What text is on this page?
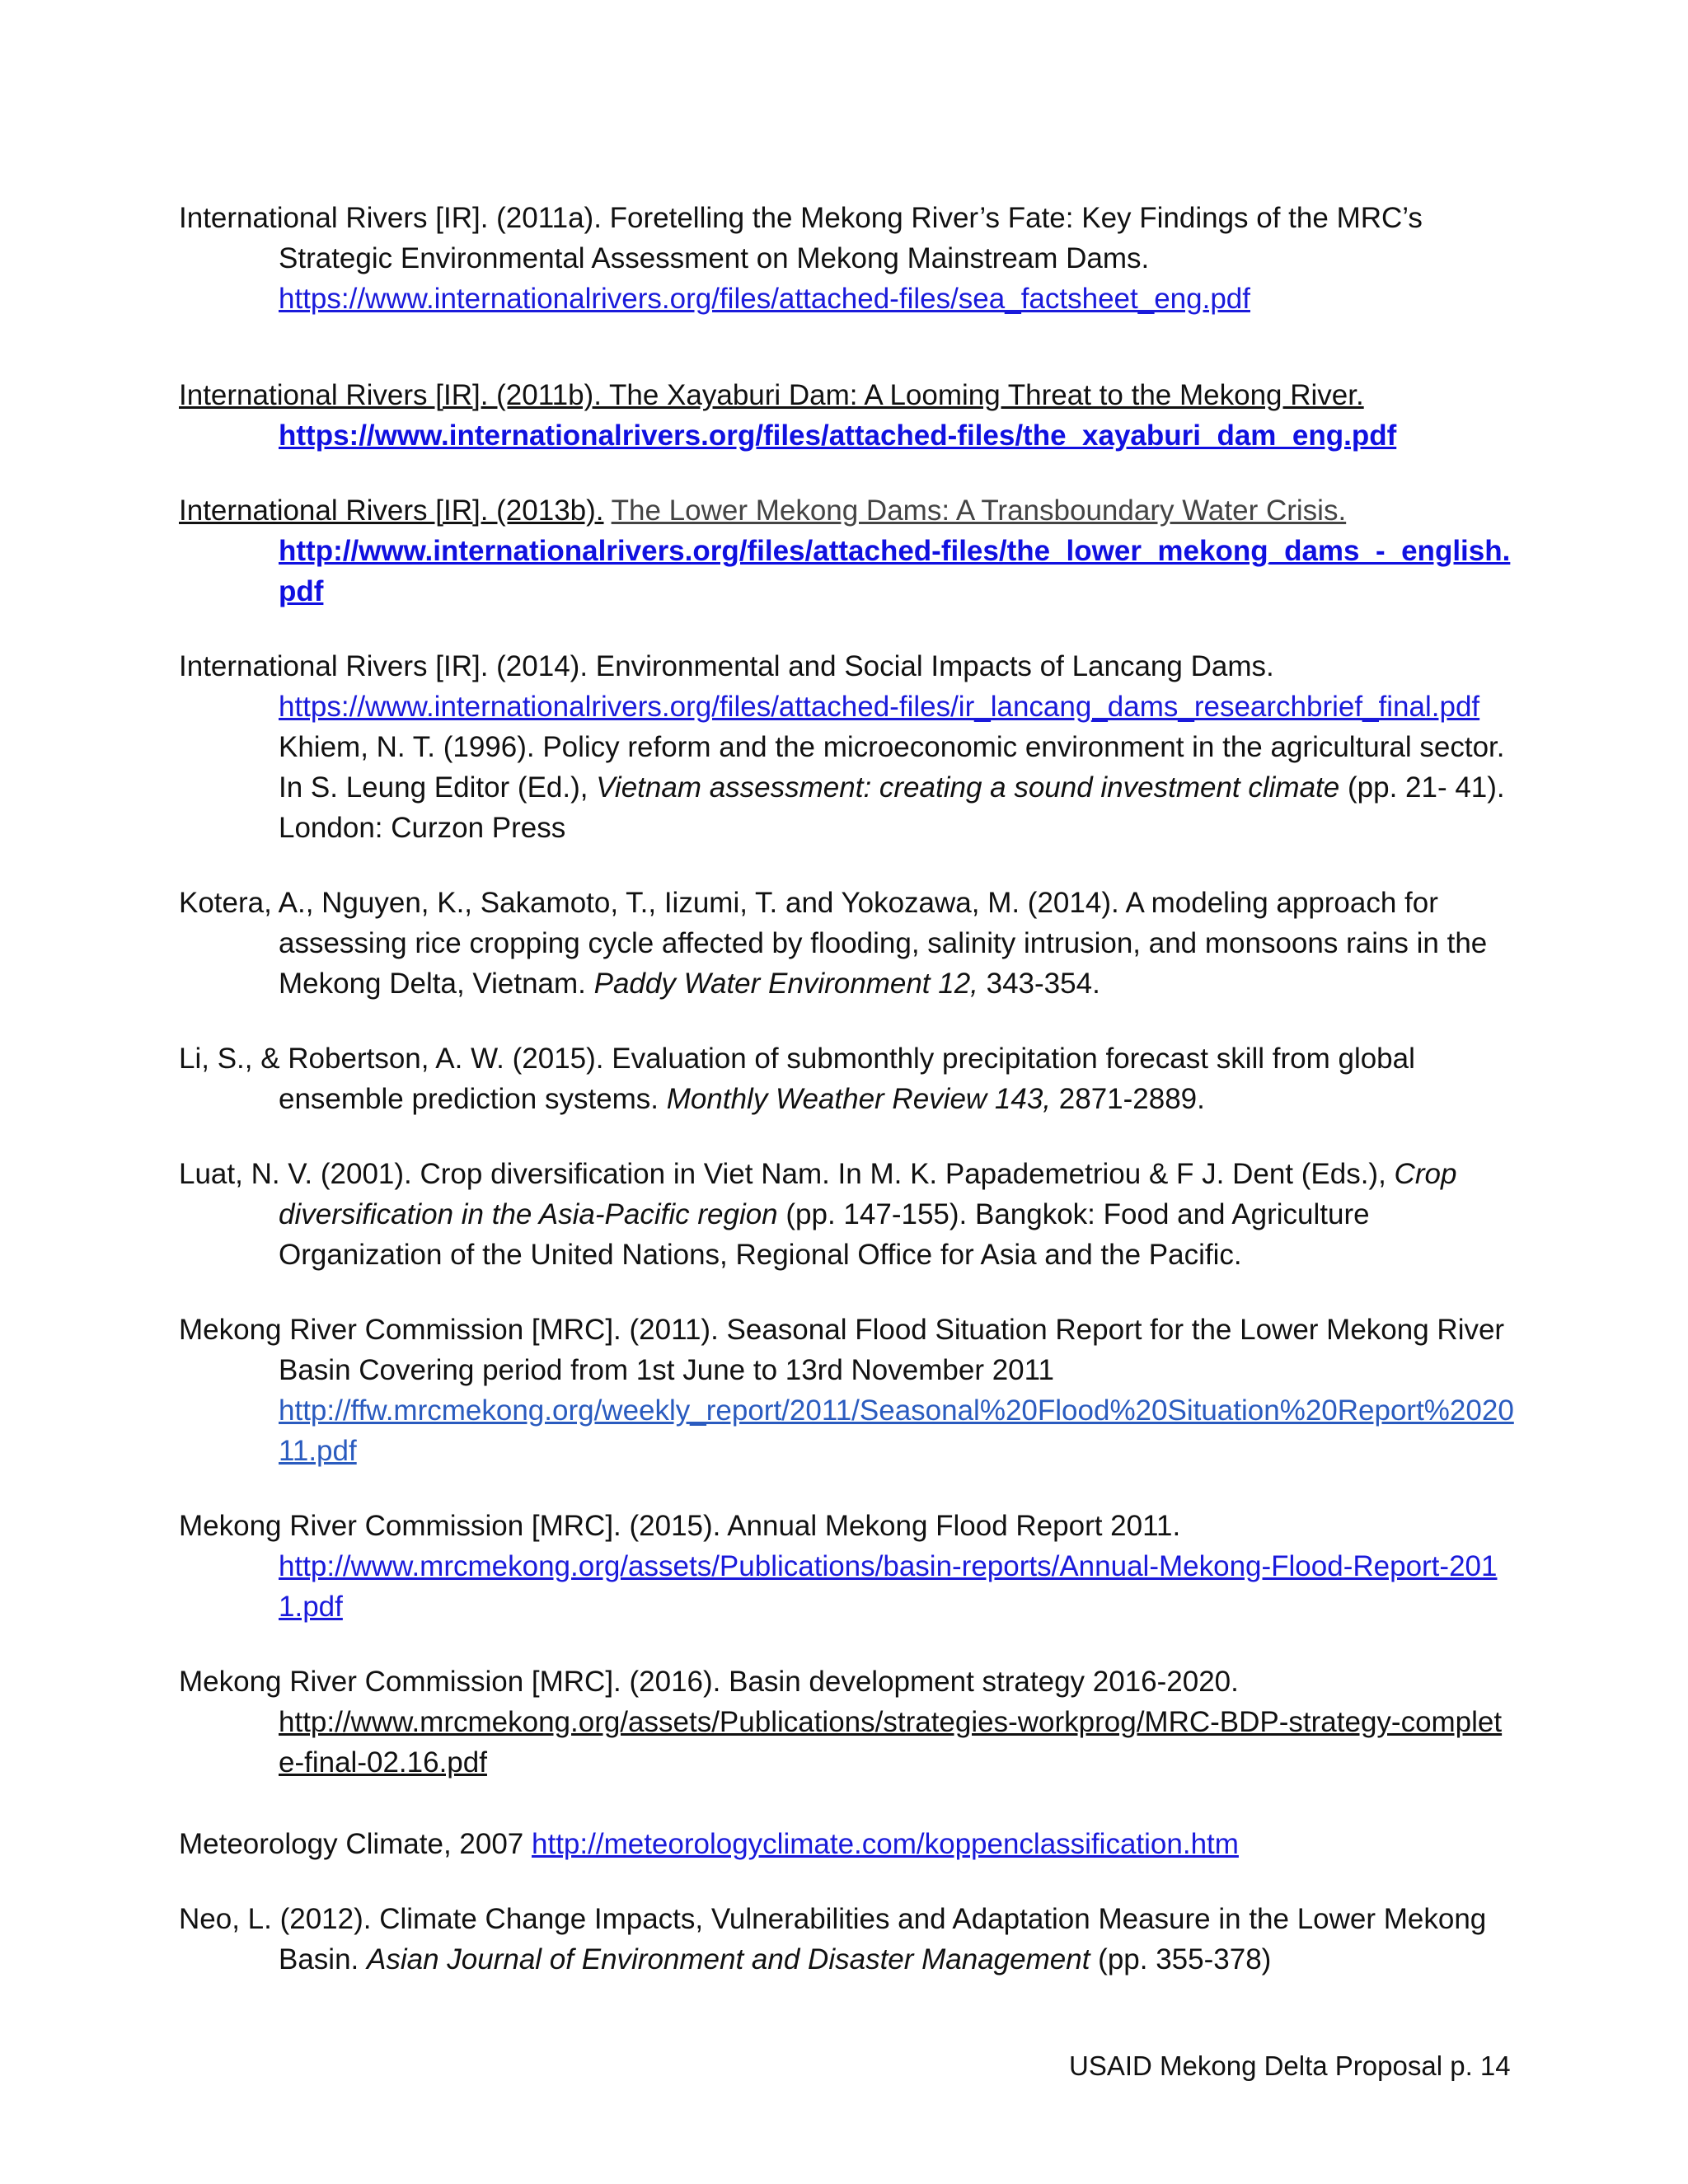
International Rivers [IR]. (2011a). Foretelling the Mekong River’s Fate: Key Findings of the MRC’s Strategic Environmental Assessment on Mekong Mainstream Dams.
https://www.internationalrivers.org/files/attached-files/sea_factsheet_eng.pdf

International Rivers [IR]. (2011b). The Xayaburi Dam: A Looming Threat to the Mekong River.
https://www.internationalrivers.org/files/attached-files/the_xayaburi_dam_eng.pdf

International Rivers [IR]. (2013b). The Lower Mekong Dams: A Transboundary Water Crisis.
http://www.internationalrivers.org/files/attached-files/the_lower_mekong_dams_-_english.pdf

International Rivers [IR]. (2014). Environmental and Social Impacts of Lancang Dams.
https://www.internationalrivers.org/files/attached-files/ir_lancang_dams_researchbrief_final.pdf Khiem, N. T. (1996). Policy reform and the microeconomic environment in the agricultural sector. In S. Leung Editor (Ed.), Vietnam assessment: creating a sound investment climate (pp. 21- 41). London: Curzon Press

Kotera, A., Nguyen, K., Sakamoto, T., Iizumi, T. and Yokozawa, M. (2014). A modeling approach for assessing rice cropping cycle affected by flooding, salinity intrusion, and monsoons rains in the Mekong Delta, Vietnam. Paddy Water Environment 12, 343-354.

Li, S., & Robertson, A. W. (2015). Evaluation of submonthly precipitation forecast skill from global ensemble prediction systems. Monthly Weather Review 143, 2871-2889.

Luat, N. V. (2001). Crop diversification in Viet Nam. In M. K. Papademetriou & F J. Dent (Eds.), Crop diversification in the Asia-Pacific region (pp. 147-155). Bangkok: Food and Agriculture Organization of the United Nations, Regional Office for Asia and the Pacific.

Mekong River Commission [MRC]. (2011). Seasonal Flood Situation Report for the Lower Mekong River Basin Covering period from 1st June to 13rd November 2011
http://ffw.mrcmekong.org/weekly_report/2011/Seasonal%20Flood%20Situation%20Report%202011.pdf

Mekong River Commission [MRC]. (2015). Annual Mekong Flood Report 2011.
http://www.mrcmekong.org/assets/Publications/basin-reports/Annual-Mekong-Flood-Report-2011.pdf

Mekong River Commission [MRC]. (2016). Basin development strategy 2016-2020.
http://www.mrcmekong.org/assets/Publications/strategies-workprog/MRC-BDP-strategy-complete-final-02.16.pdf

Meteorology Climate, 2007 http://meteorologyclimate.com/koppenclassification.htm

Neo, L. (2012). Climate Change Impacts, Vulnerabilities and Adaptation Measure in the Lower Mekong Basin. Asian Journal of Environment and Disaster Management (pp. 355-378)

USAID Mekong Delta Proposal p. 14
